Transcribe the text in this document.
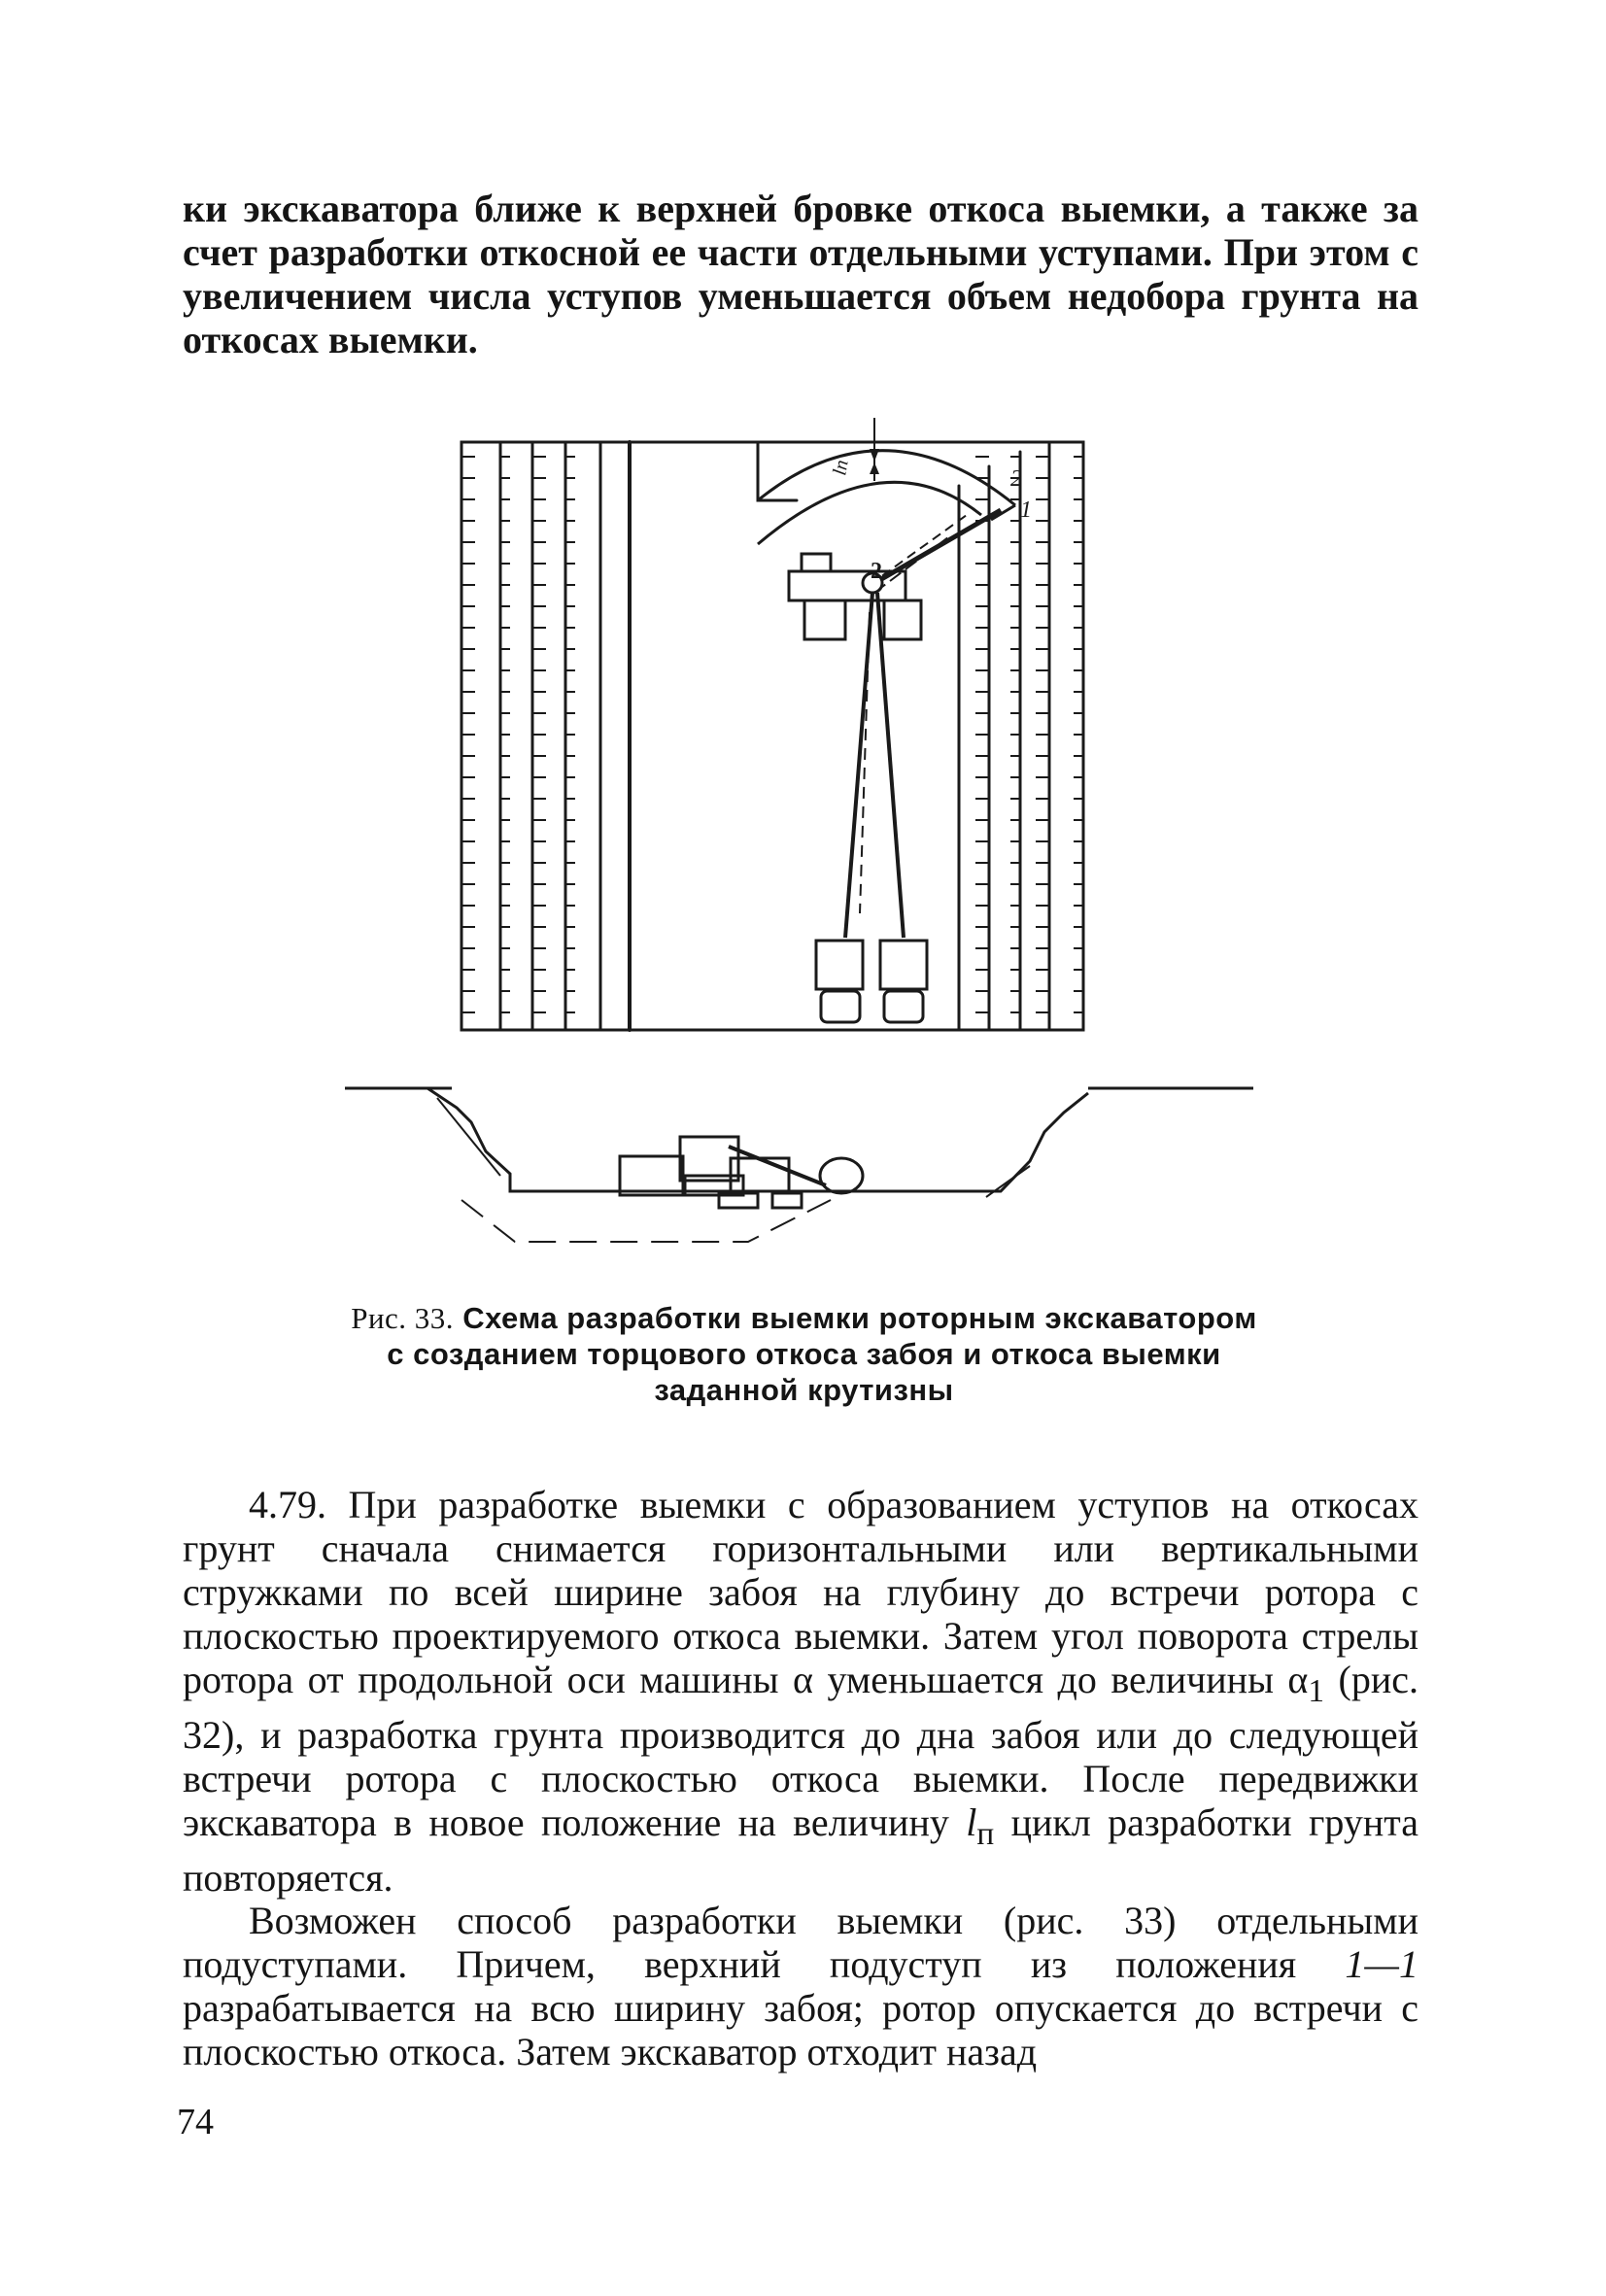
ки экскаватора ближе к верхней бровке откоса выемки, а также за счет разработки откосной ее части отдельными уступами. При этом с увеличением числа уступов уменьшается объем недобора грунта на откосах выемки.

2
1
2
lп
Рис. 33. Схема разработки выемки роторным экскаватором с созданием торцового откоса забоя и откоса выемки заданной крутизны

4.79. При разработке выемки с образованием уступов на откосах грунт сначала снимается горизонтальными или вертикальными стружками по всей ширине забоя на глубину до встречи ротора с плоскостью проектируемого откоса выемки. Затем угол поворота стрелы ротора от продольной оси машины α уменьшается до величины $\alpha_1$ (рис. 32), и разработка грунта производится до дна забоя или до следующей встречи ротора с плоскостью откоса выемки. После передвижки экскаватора в новое положение на величину $l_п$ цикл разработки грунта повторяется.

Возможен способ разработки выемки (рис. 33) отдельными подуступами. Причем, верхний подуступ из положения 1—1 разрабатывается на всю ширину забоя; ротор опускается до встречи с плоскостью откоса. Затем экскаватор отходит назад

74
